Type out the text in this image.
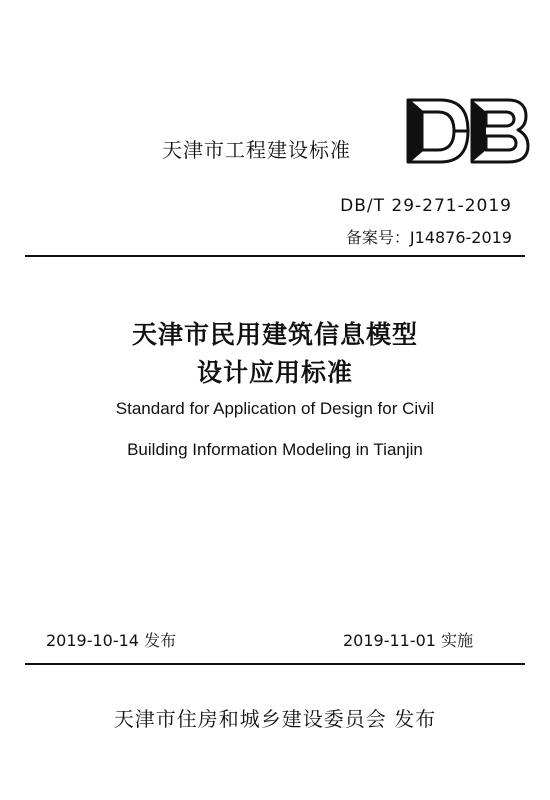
天津市工程建设标准
DB/T 29-271-2019
备案号：J14876-2019
天津市民用建筑信息模型
设计应用标准
Standard for Application of Design for Civil
Building Information Modeling in Tianjin
2019-10-14 发布	2019-11-01 实施
天津市住房和城乡建设委员会 发布
